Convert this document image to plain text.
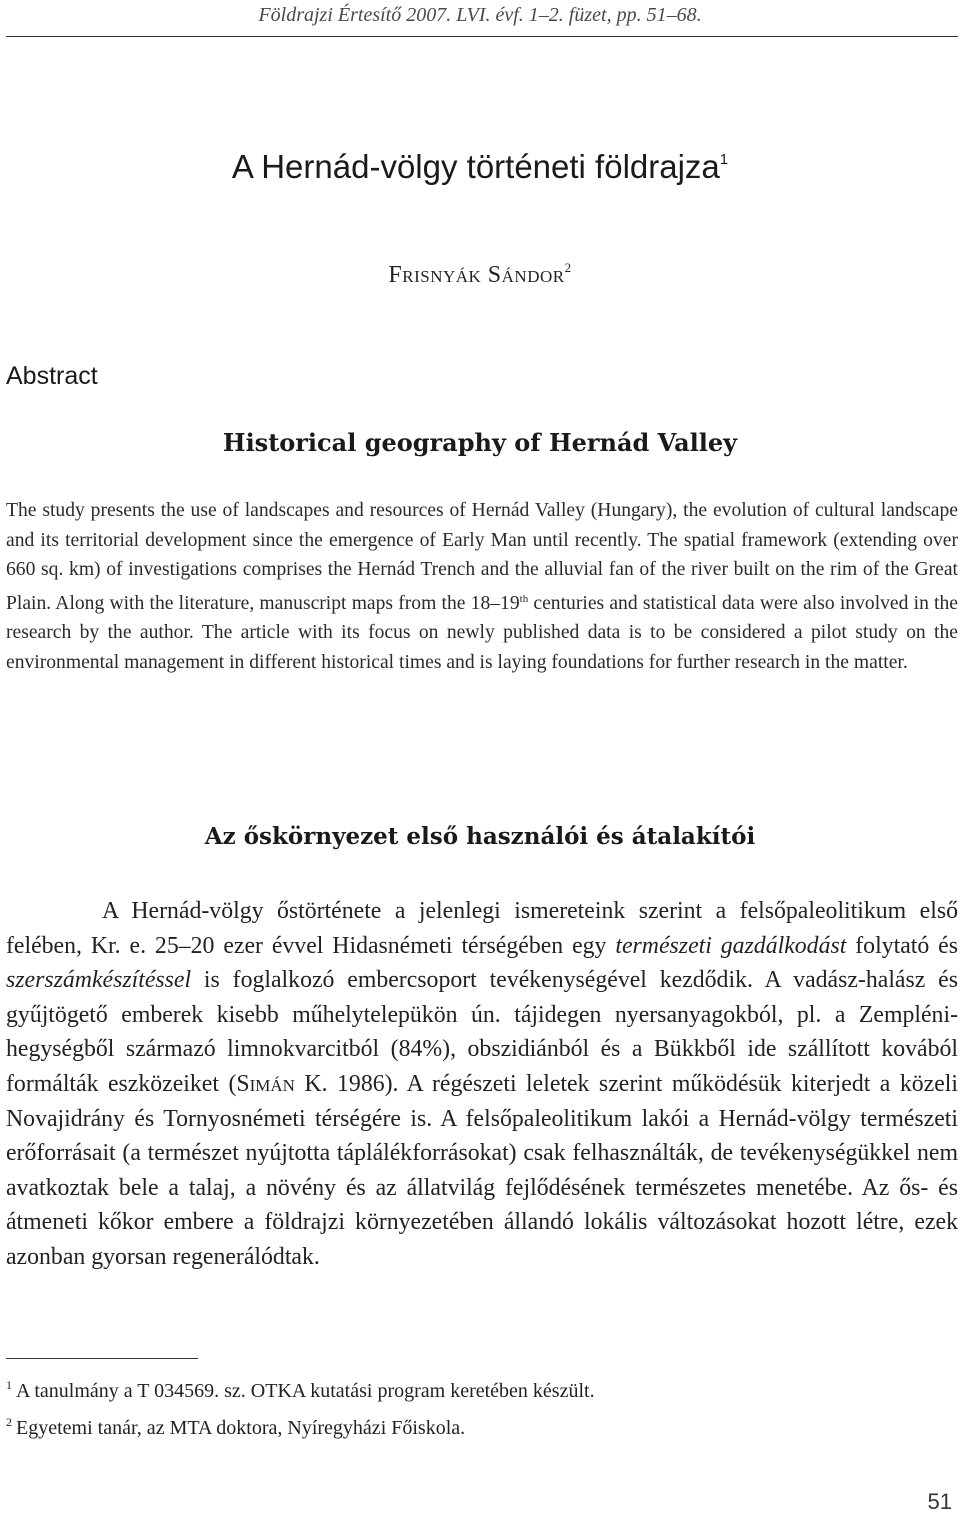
Földrajzi Értesítő 2007. LVI. évf. 1–2. füzet, pp. 51–68.
A Hernád-völgy történeti földrajza$^1$
Frisnyák Sándor$^2$
Abstract
Historical geography of Hernád Valley
The study presents the use of landscapes and resources of Hernád Valley (Hungary), the evolution of cultural landscape and its territorial development since the emergence of Early Man until recently. The spatial framework (extending over 660 sq. km) of investigations comprises the Hernád Trench and the alluvial fan of the river built on the rim of the Great Plain. Along with the literature, manuscript maps from the 18–19th centuries and statistical data were also involved in the research by the author. The article with its focus on newly published data is to be considered a pilot study on the environmental management in different historical times and is laying foundations for further research in the matter.
Az őskörnyezet első használói és átalakítói

A Hernád-völgy őstörténete a jelenlegi ismereteink szerint a felsőpaleolitikum első felében, Kr. e. 25–20 ezer évvel Hidasnémeti térségében egy természeti gazdálkodást folytató és szerszámkészítéssel is foglalkozó embercsoport tevékenységével kezdődik. A vadász-halász és gyűjtögető emberek kisebb műhelytelepükön ún. tájidegen nyersanyagokból, pl. a Zempléni-hegységből származó limnokvarcitból (84%), obszidiánból és a Bükkből ide szállított kovából formálták eszközeiket (Simán K. 1986). A régészeti leletek szerint működésük kiterjedt a közeli Novajidrány és Tornyosnémeti térségére is. A felsőpaleolitikum lakói a Hernád-völgy természeti erőforrásait (a természet nyújtotta táplálékforrásokat) csak felhasználták, de tevékenységükkel nem avatkoztak bele a talaj, a növény és az állatvilág fejlődésének természetes menetébe. Az ős- és átmeneti kőkor embere a földrajzi környezetében állandó lokális változásokat hozott létre, ezek azonban gyorsan regenerálódtak.

$^1$ A tanulmány a T 034569. sz. OTKA kutatási program keretében készült.
$^2$ Egyetemi tanár, az MTA doktora, Nyíregyházi Főiskola.
51
